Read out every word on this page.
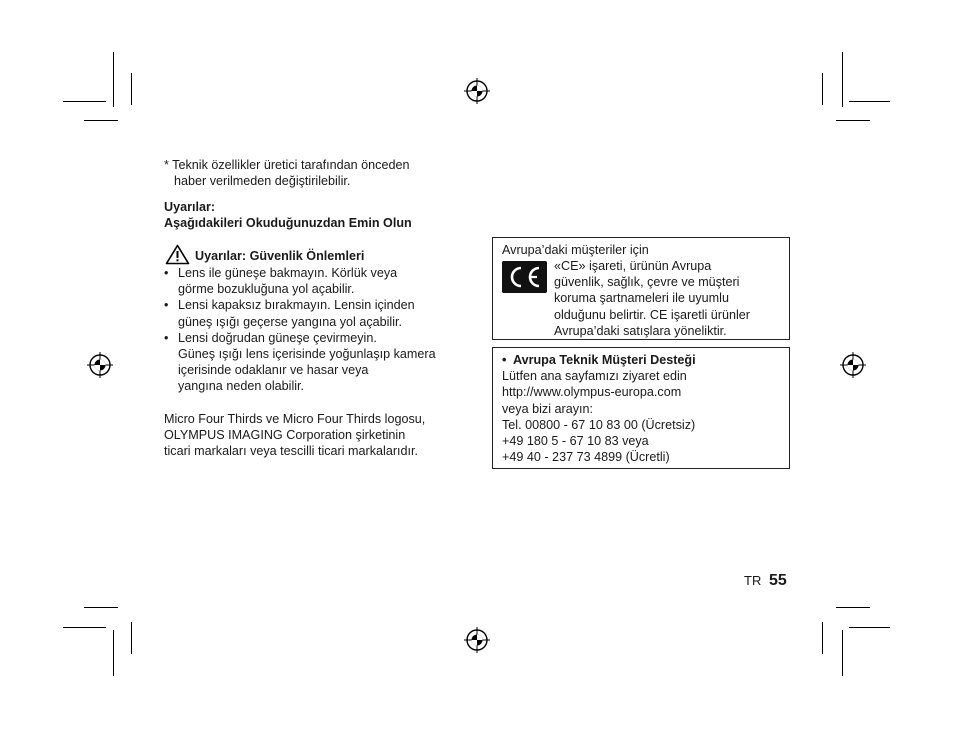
* Teknik özellikler üretici tarafından önceden
haber verilmeden değiştirilebilir.
Uyarılar:
Aşağıdakileri Okuduğunuzdan Emin Olun
Uyarılar: Güvenlik Önlemleri
• Lens ile güneşe bakmayın. Körlük veya
görme bozukluğuna yol açabilir.
• Lensi kapaksız bırakmayın. Lensin içinden
güneş ışığı geçerse yangına yol açabilir.
• Lensi doğrudan güneşe çevirmeyin.
Güneş ışığı lens içerisinde yoğunlaşıp kamera
içerisinde odaklanır ve hasar veya
yangına neden olabilir.
Micro Four Thirds ve Micro Four Thirds logosu,
OLYMPUS IMAGING Corporation şirketinin
ticari markaları veya tescilli ticari markalarıdır.
Avrupa’daki müşteriler için
«CE» işareti, ürünün Avrupa
güvenlik, sağlık, çevre ve müşteri
koruma şartnameleri ile uyumlu
olduğunu belirtir. CE işaretli ürünler
Avrupa’daki satışlara yöneliktir.
• Avrupa Teknik Müşteri Desteği
Lütfen ana sayfamızı ziyaret edin
http://www.olympus-europa.com
veya bizi arayın:
Tel. 00800 - 67 10 83 00 (Ücretsiz)
+49 180 5 - 67 10 83 veya
+49 40 - 237 73 4899 (Ücretli)
TR 55
